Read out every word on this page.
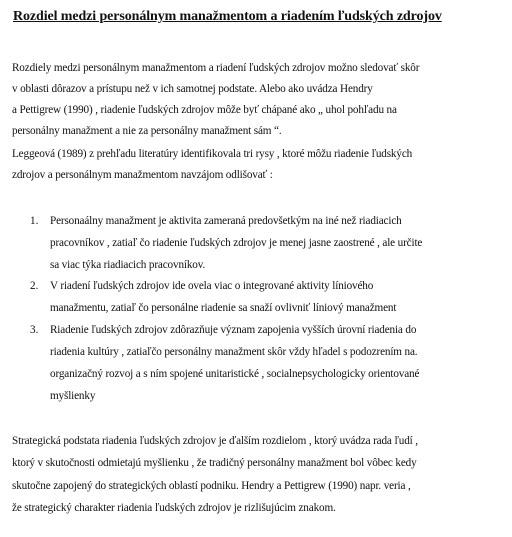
Rozdiel medzi personálnym manažmentom a riadením ľudských zdrojov

Rozdiely medzi personálnym manažmentom a riadení ľudských zdrojov možno sledovať skôr

v oblasti dôrazov a prístupu než v ich samotnej podstate. Alebo ako uvádza Hendry

a Pettigrew (1990) , riadenie ľudských zdrojov môže byť chápané ako „ uhol pohľadu na

personálny manažment a nie za personálny manažment sám “.

Leggeová (1989) z prehľadu literatúry identifikovala tri rysy , ktoré môžu riadenie ľudských

zdrojov a personálnym manažmentom navzájom odlišovať :

1. Personaálny manažment je aktivita zameraná predovšetkým na iné než riadiacich

pracovníkov , zatiaľ čo riadenie ľudských zdrojov je menej jasne zaostrené , ale určite

sa viac týka riadiacich pracovníkov.

2. V riadení ľudských zdrojov ide ovela viac o integrované aktivity líniového

manažmentu, zatiaľ čo personálne riadenie sa snaží ovlivniť líniový manažment

3. Riadenie ľudských zdrojov zdôrazňuje význam zapojenia vyšších úrovní riadenia do

riadenia kultúry , zatiaľčo personálny manažment skôr vždy hľadel s podozrením na.

organizačný rozvoj a s ním spojené unitaristické , socialnepsychologicky orientované

myšlienky

Strategická podstata riadenia ľudských zdrojov je ďalším rozdielom , ktorý uvádza rada ľudí ,

ktorý v skutočnosti odmietajú myšlienku , že tradičný personálny manažment bol vôbec kedy

skutočne zapojený do strategických oblastí podniku. Hendry a Pettigrew (1990) napr. veria ,

že strategický charakter riadenia ľudských zdrojov je rizlišujúcim znakom.
